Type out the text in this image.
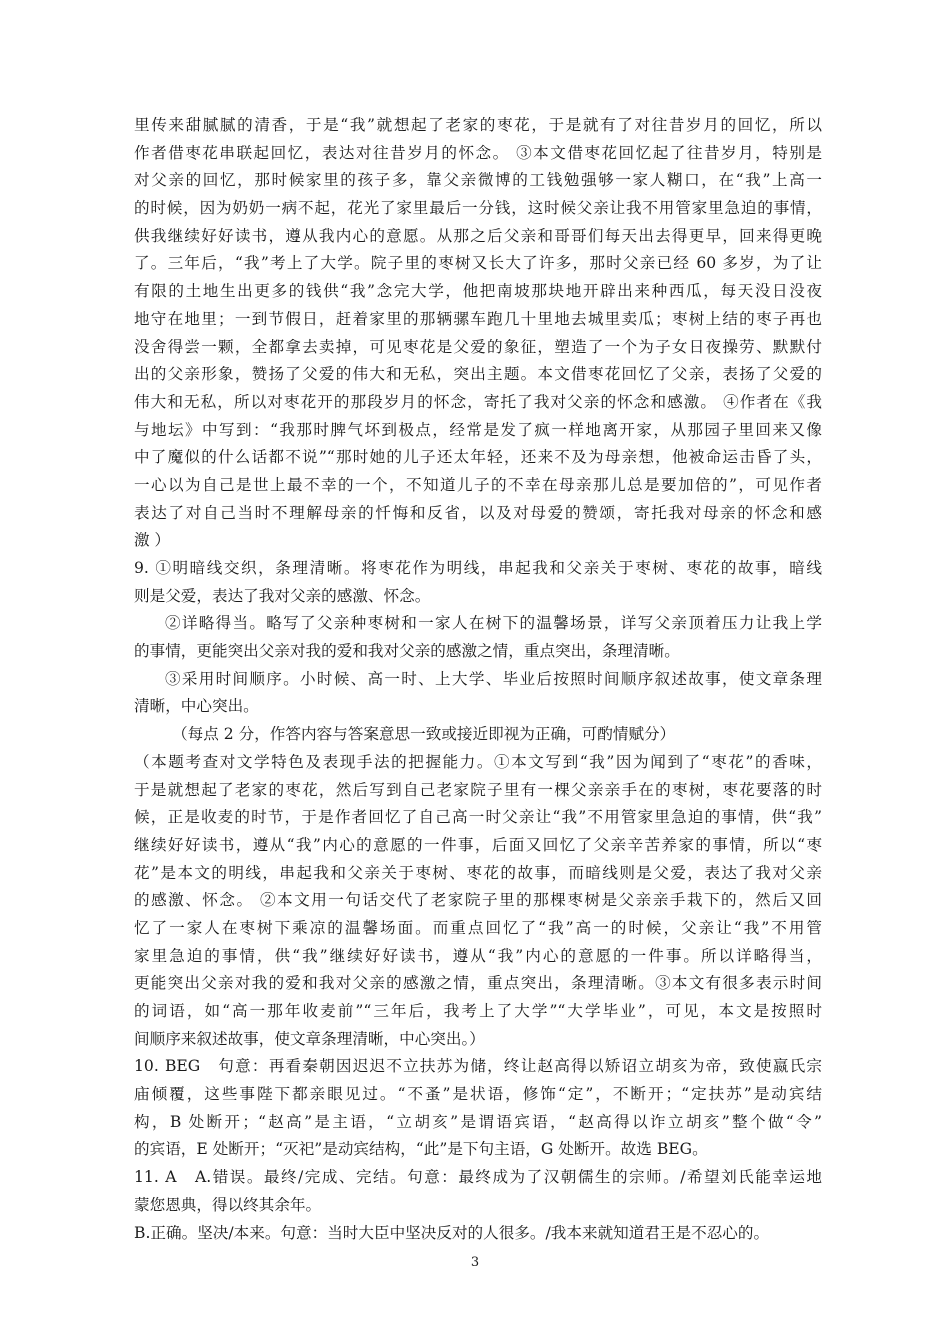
里传来甜腻腻的清香，于是“我”就想起了老家的枣花，于是就有了对往昔岁月的回忆，所以
作者借枣花串联起回忆，表达对往昔岁月的怀念。 ③本文借枣花回忆起了往昔岁月，特别是
对父亲的回忆，那时候家里的孩子多，靠父亲微博的工钱勉强够一家人糊口，在“我”上高一
的时候，因为奶奶一病不起，花光了家里最后一分钱，这时候父亲让我不用管家里急迫的事情，
供我继续好好读书，遵从我内心的意愿。从那之后父亲和哥哥们每天出去得更早，回来得更晚
了。三年后，“我”考上了大学。院子里的枣树又长大了许多，那时父亲已经 60 多岁，为了让
有限的土地生出更多的钱供“我”念完大学，他把南坡那块地开辟出来种西瓜，每天没日没夜
地守在地里；一到节假日，赶着家里的那辆骡车跑几十里地去城里卖瓜；枣树上结的枣子再也
没舍得尝一颗，全都拿去卖掉，可见枣花是父爱的象征，塑造了一个为子女日夜操劳、默默付
出的父亲形象，赞扬了父爱的伟大和无私，突出主题。本文借枣花回忆了父亲，表扬了父爱的
伟大和无私，所以对枣花开的那段岁月的怀念，寄托了我对父亲的怀念和感激。 ④作者在《我
与地坛》中写到：“我那时脾气坏到极点，经常是发了疯一样地离开家，从那园子里回来又像
中了魔似的什么话都不说”“那时她的儿子还太年轻，还来不及为母亲想，他被命运击昏了头，
一心以为自己是世上最不幸的一个，不知道儿子的不幸在母亲那儿总是要加倍的”，可见作者
表达了对自己当时不理解母亲的忏悔和反省，以及对母爱的赞颂，寄托我对母亲的怀念和感
激 ）
9. ①明暗线交织，条理清晰。将枣花作为明线，串起我和父亲关于枣树、枣花的故事，暗线
则是父爱，表达了我对父亲的感激、怀念。
②详略得当。略写了父亲种枣树和一家人在树下的温馨场景，详写父亲顶着压力让我上学
的事情，更能突出父亲对我的爱和我对父亲的感激之情，重点突出，条理清晰。
③采用时间顺序。小时候、高一时、上大学、毕业后按照时间顺序叙述故事，使文章条理
清晰，中心突出。
（每点 2 分，作答内容与答案意思一致或接近即视为正确，可酌情赋分）
（本题考查对文学特色及表现手法的把握能力。①本文写到“我”因为闻到了“枣花”的香味，
于是就想起了老家的枣花，然后写到自己老家院子里有一棵父亲亲手在的枣树，枣花要落的时
候，正是收麦的时节，于是作者回忆了自己高一时父亲让“我”不用管家里急迫的事情，供“我”
继续好好读书，遵从“我”内心的意愿的一件事，后面又回忆了父亲辛苦养家的事情，所以“枣
花”是本文的明线，串起我和父亲关于枣树、枣花的故事，而暗线则是父爱，表达了我对父亲
的感激、怀念。 ②本文用一句话交代了老家院子里的那棵枣树是父亲亲手栽下的，然后又回
忆了一家人在枣树下乘凉的温馨场面。而重点回忆了“我”高一的时候，父亲让“我”不用管
家里急迫的事情，供“我”继续好好读书，遵从“我”内心的意愿的一件事。所以详略得当，
更能突出父亲对我的爱和我对父亲的感激之情，重点突出，条理清晰。③本文有很多表示时间
的词语，如“高一那年收麦前”“三年后，我考上了大学”“大学毕业”，可见，本文是按照时
间顺序来叙述故事，使文章条理清晰，中心突出。）
10. BEG　句意：再看秦朝因迟迟不立扶苏为储，终让赵高得以矫诏立胡亥为帝，致使嬴氏宗
庙倾覆，这些事陛下都亲眼见过。“不蚤”是状语，修饰“定”，不断开；“定扶苏”是动宾结
构，B 处断开；“赵高”是主语，“立胡亥”是谓语宾语，“赵高得以诈立胡亥”整个做“令”
的宾语，E 处断开；“灭祀”是动宾结构，“此”是下句主语，G 处断开。故选 BEG。
11. A　A.错误。最终/完成、完结。句意：最终成为了汉朝儒生的宗师。/希望刘氏能幸运地
蒙您恩典，得以终其余年。
B.正确。坚决/本来。句意：当时大臣中坚决反对的人很多。/我本来就知道君王是不忍心的。
3
